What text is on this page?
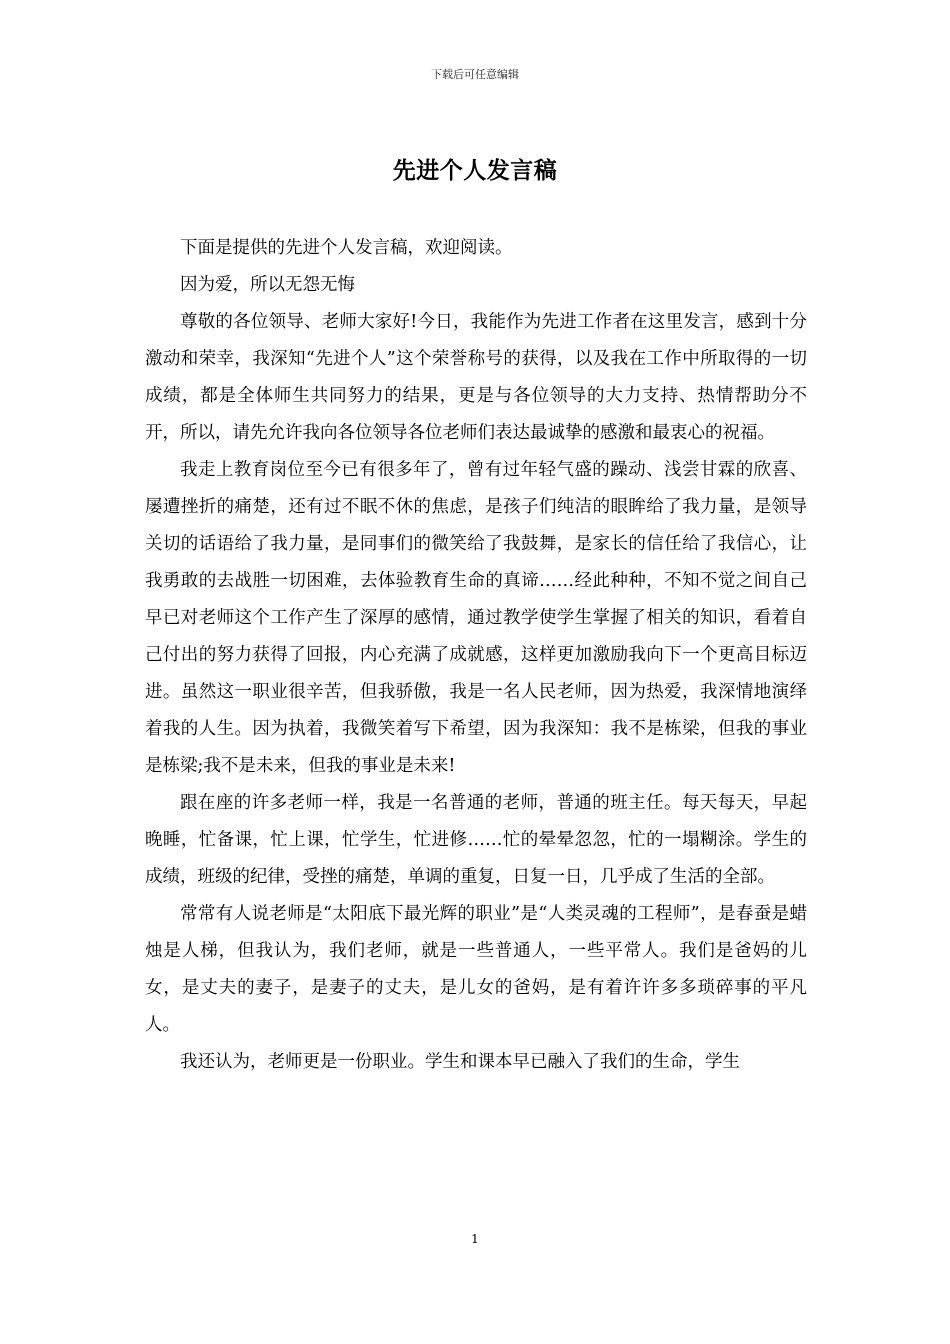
下载后可任意编辑
先进个人发言稿

下面是提供的先进个人发言稿，欢迎阅读。

因为爱，所以无怨无悔

尊敬的各位领导、老师大家好!今日，我能作为先进工作者在这里发言，感到十分激动和荣幸，我深知“先进个人”这个荣誉称号的获得，以及我在工作中所取得的一切成绩，都是全体师生共同努力的结果，更是与各位领导的大力支持、热情帮助分不开，所以，请先允许我向各位领导各位老师们表达最诚挚的感激和最衷心的祝福。

我走上教育岗位至今已有很多年了，曾有过年轻气盛的躁动、浅尝甘霖的欣喜、屡遭挫折的痛楚，还有过不眠不休的焦虑，是孩子们纯洁的眼眸给了我力量，是领导关切的话语给了我力量，是同事们的微笑给了我鼓舞，是家长的信任给了我信心，让我勇敢的去战胜一切困难，去体验教育生命的真谛……经此种种，不知不觉之间自己早已对老师这个工作产生了深厚的感情，通过教学使学生掌握了相关的知识，看着自己付出的努力获得了回报，内心充满了成就感，这样更加激励我向下一个更高目标迈进。虽然这一职业很辛苦，但我骄傲，我是一名人民老师，因为热爱，我深情地演绎着我的人生。因为执着，我微笑着写下希望，因为我深知：我不是栋梁，但我的事业是栋梁;我不是未来，但我的事业是未来!

跟在座的许多老师一样，我是一名普通的老师，普通的班主任。每天每天，早起晚睡，忙备课，忙上课，忙学生，忙进修……忙的晕晕忽忽，忙的一塌糊涂。学生的成绩，班级的纪律，受挫的痛楚，单调的重复，日复一日，几乎成了生活的全部。

常常有人说老师是“太阳底下最光辉的职业”是“人类灵魂的工程师”，是春蚕是蜡烛是人梯，但我认为，我们老师，就是一些普通人，一些平常人。我们是爸妈的儿女，是丈夫的妻子，是妻子的丈夫，是儿女的爸妈，是有着许许多多琐碎事的平凡人。

我还认为，老师更是一份职业。学生和课本早已融入了我们的生命，学生

1
